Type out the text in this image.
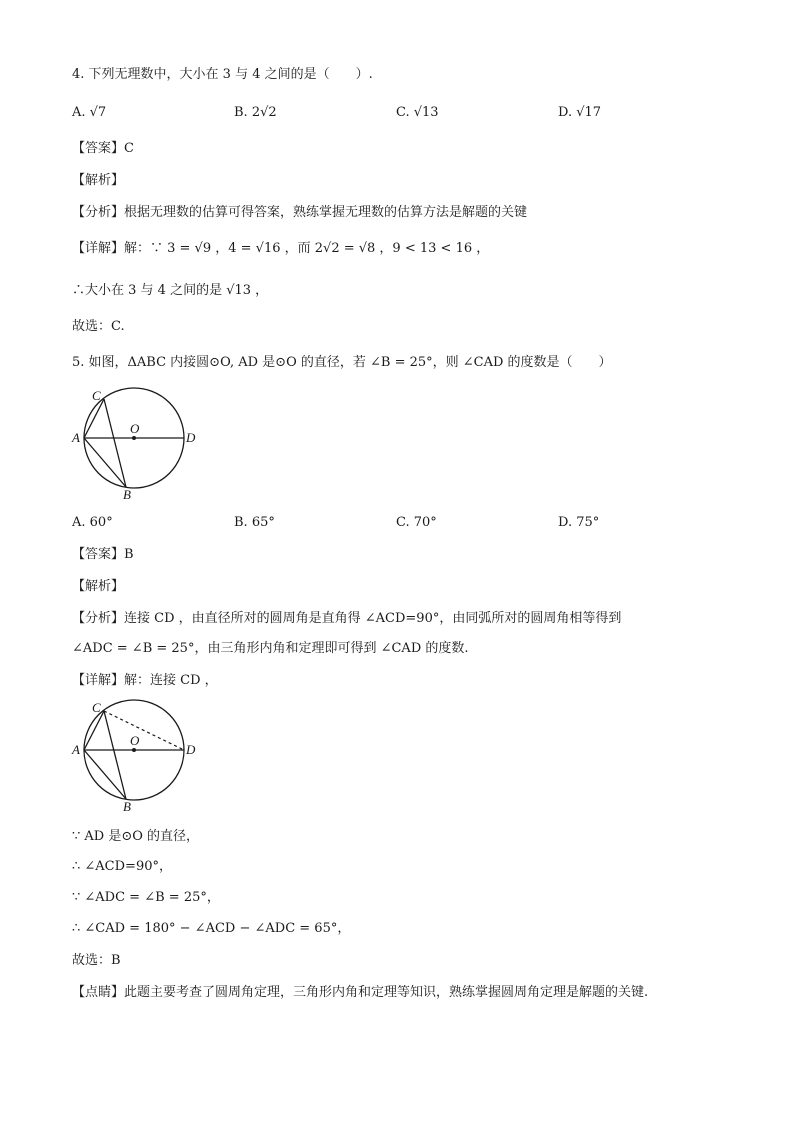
4. 下列无理数中，大小在 3 与 4 之间的是（　　）.
A. √7	B. 2√2	C. √13	D. √17
【答案】C
【解析】
【分析】根据无理数的估算可得答案，熟练掌握无理数的估算方法是解题的关键
【详解】解：∵ 3 = √9 ，4 = √16 ，而 2√2 = √8 ，9 < 13 < 16 ，
∴大小在 3 与 4 之间的是 √13 ，
故选：C.
5. 如图，ΔABC 内接圆⊙O, AD 是⊙O 的直径，若 ∠B = 25°，则 ∠CAD 的度数是（　　）
C
A
O
D
B
A. 60°	B. 65°	C. 70°	D. 75°
【答案】B
【解析】
【分析】连接 CD ，由直径所对的圆周角是直角得 ∠ACD=90°，由同弧所对的圆周角相等得到
∠ADC = ∠B = 25°，由三角形内角和定理即可得到 ∠CAD 的度数.
【详解】解：连接 CD ，
C
A
O
D
B
∵ AD 是⊙O 的直径，
∴ ∠ACD=90°，
∵ ∠ADC = ∠B = 25°，
∴ ∠CAD = 180° − ∠ACD − ∠ADC = 65°，
故选：B
【点睛】此题主要考查了圆周角定理，三角形内角和定理等知识，熟练掌握圆周角定理是解题的关键.
